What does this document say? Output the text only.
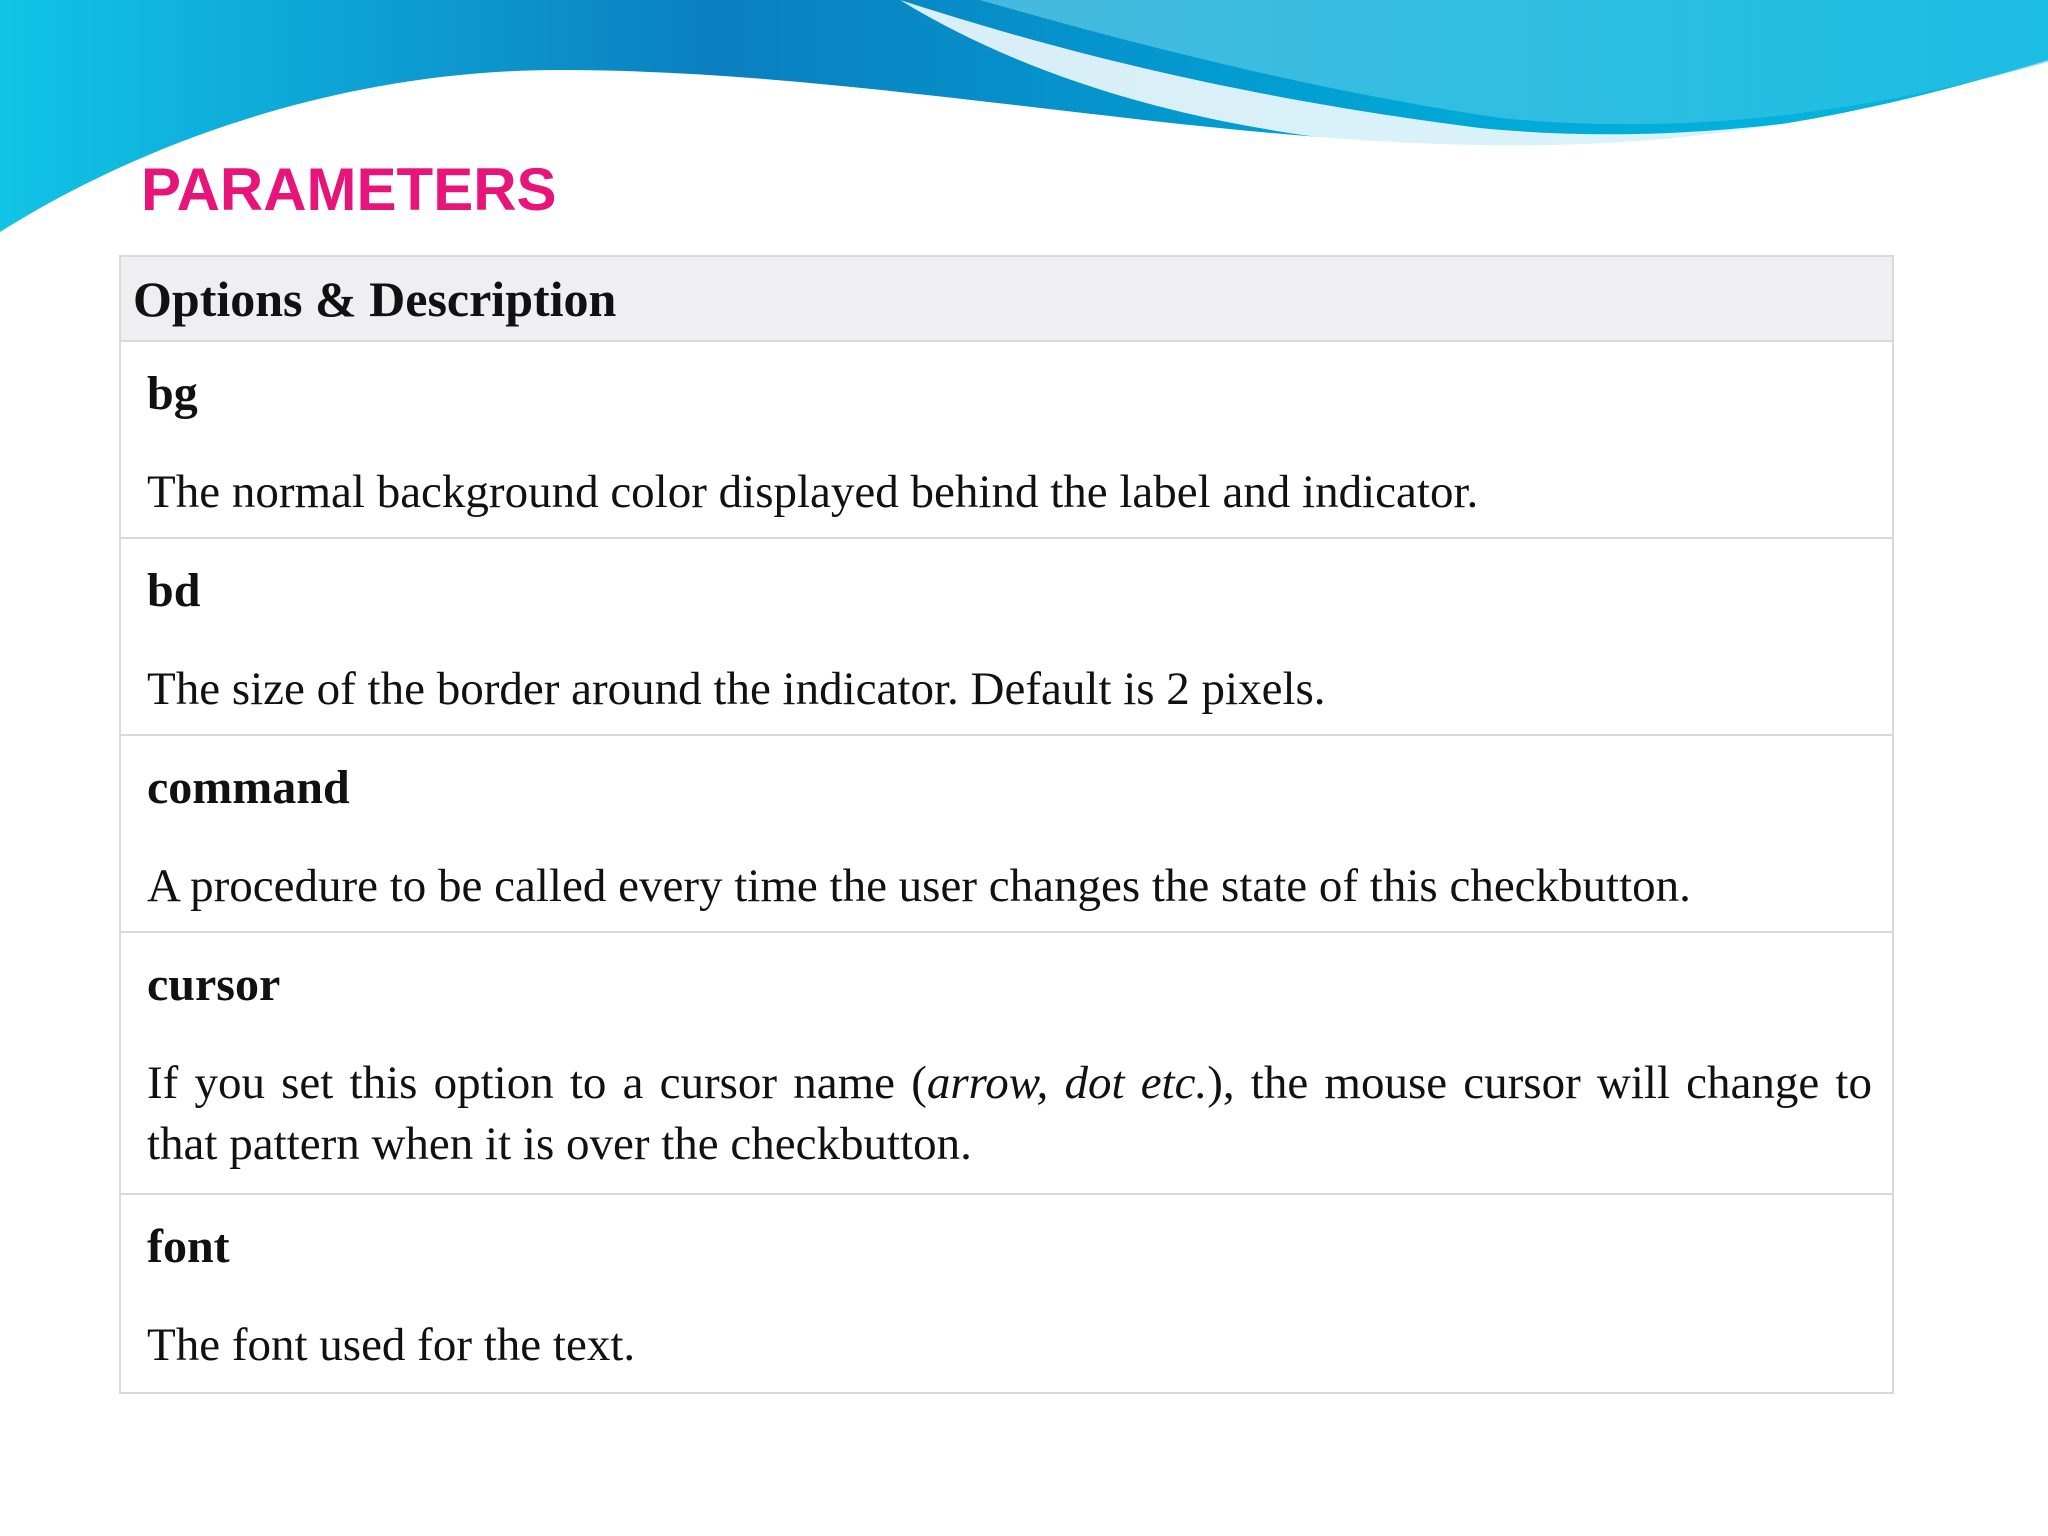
PARAMETERS
Options & Description
bg
The normal background color displayed behind the label and indicator.
bd
The size of the border around the indicator. Default is 2 pixels.
command
A procedure to be called every time the user changes the state of this checkbutton.
cursor
If you set this option to a cursor name (arrow, dot etc.), the mouse cursor will change to that pattern when it is over the checkbutton.
font
The font used for the text.
